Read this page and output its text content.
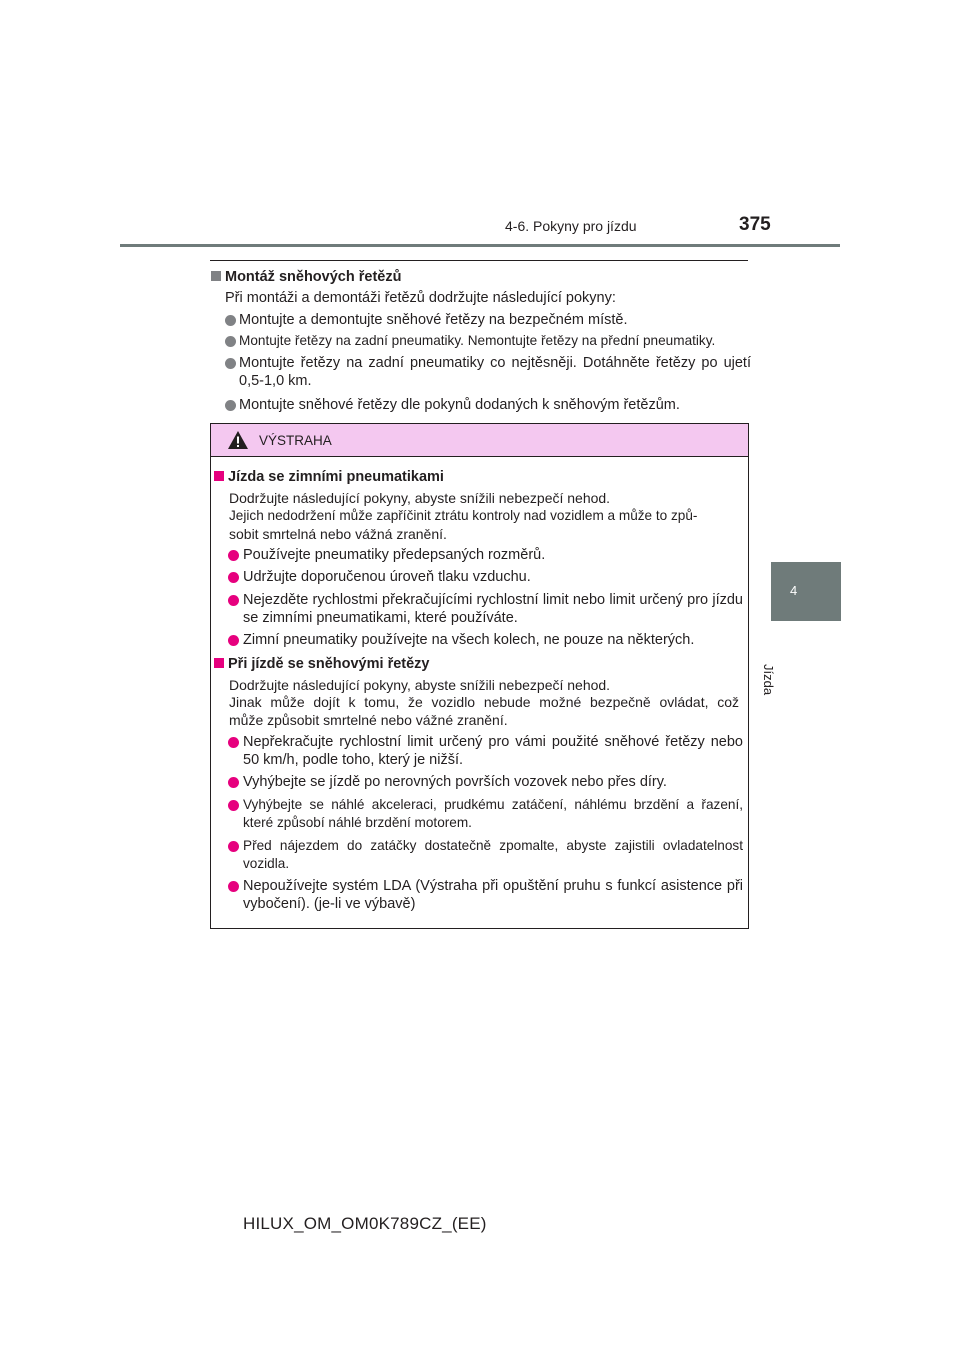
4-6. Pokyny pro jízdu	375
4
Jízda
Montáž sněhových řetězů
Při montáži a demontáži řetězů dodržujte následující pokyny:
Montujte a demontujte sněhové řetězy na bezpečném místě.
Montujte řetězy na zadní pneumatiky. Nemontujte řetězy na přední pneumatiky.
Montujte řetězy na zadní pneumatiky co nejtěsněji. Dotáhněte řetězy po ujetí 0,5-1,0 km.
Montujte sněhové řetězy dle pokynů dodaných k sněhovým řetězům.
VÝSTRAHA
Jízda se zimními pneumatikami
Dodržujte následující pokyny, abyste snížili nebezpečí nehod.
Jejich nedodržení může zapříčinit ztrátu kontroly nad vozidlem a může to způ-
sobit smrtelná nebo vážná zranění.
Používejte pneumatiky předepsaných rozměrů.
Udržujte doporučenou úroveň tlaku vzduchu.
Nejezděte rychlostmi překračujícími rychlostní limit nebo limit určený pro jízdu se zimními pneumatikami, které používáte.
Zimní pneumatiky používejte na všech kolech, ne pouze na některých.
Při jízdě se sněhovými řetězy
Dodržujte následující pokyny, abyste snížili nebezpečí nehod.
Jinak může dojít k tomu, že vozidlo nebude možné bezpečně ovládat, což
může způsobit smrtelné nebo vážné zranění.
Nepřekračujte rychlostní limit určený pro vámi použité sněhové řetězy nebo 50 km/h, podle toho, který je nižší.
Vyhýbejte se jízdě po nerovných površích vozovek nebo přes díry.
Vyhýbejte se náhlé akceleraci, prudkému zatáčení, náhlému brzdění a řazení, které způsobí náhlé brzdění motorem.
Před nájezdem do zatáčky dostatečně zpomalte, abyste zajistili ovladatelnost vozidla.
Nepoužívejte systém LDA (Výstraha při opuštění pruhu s funkcí asistence při vybočení). (je-li ve výbavě)
HILUX_OM_OM0K789CZ_(EE)
